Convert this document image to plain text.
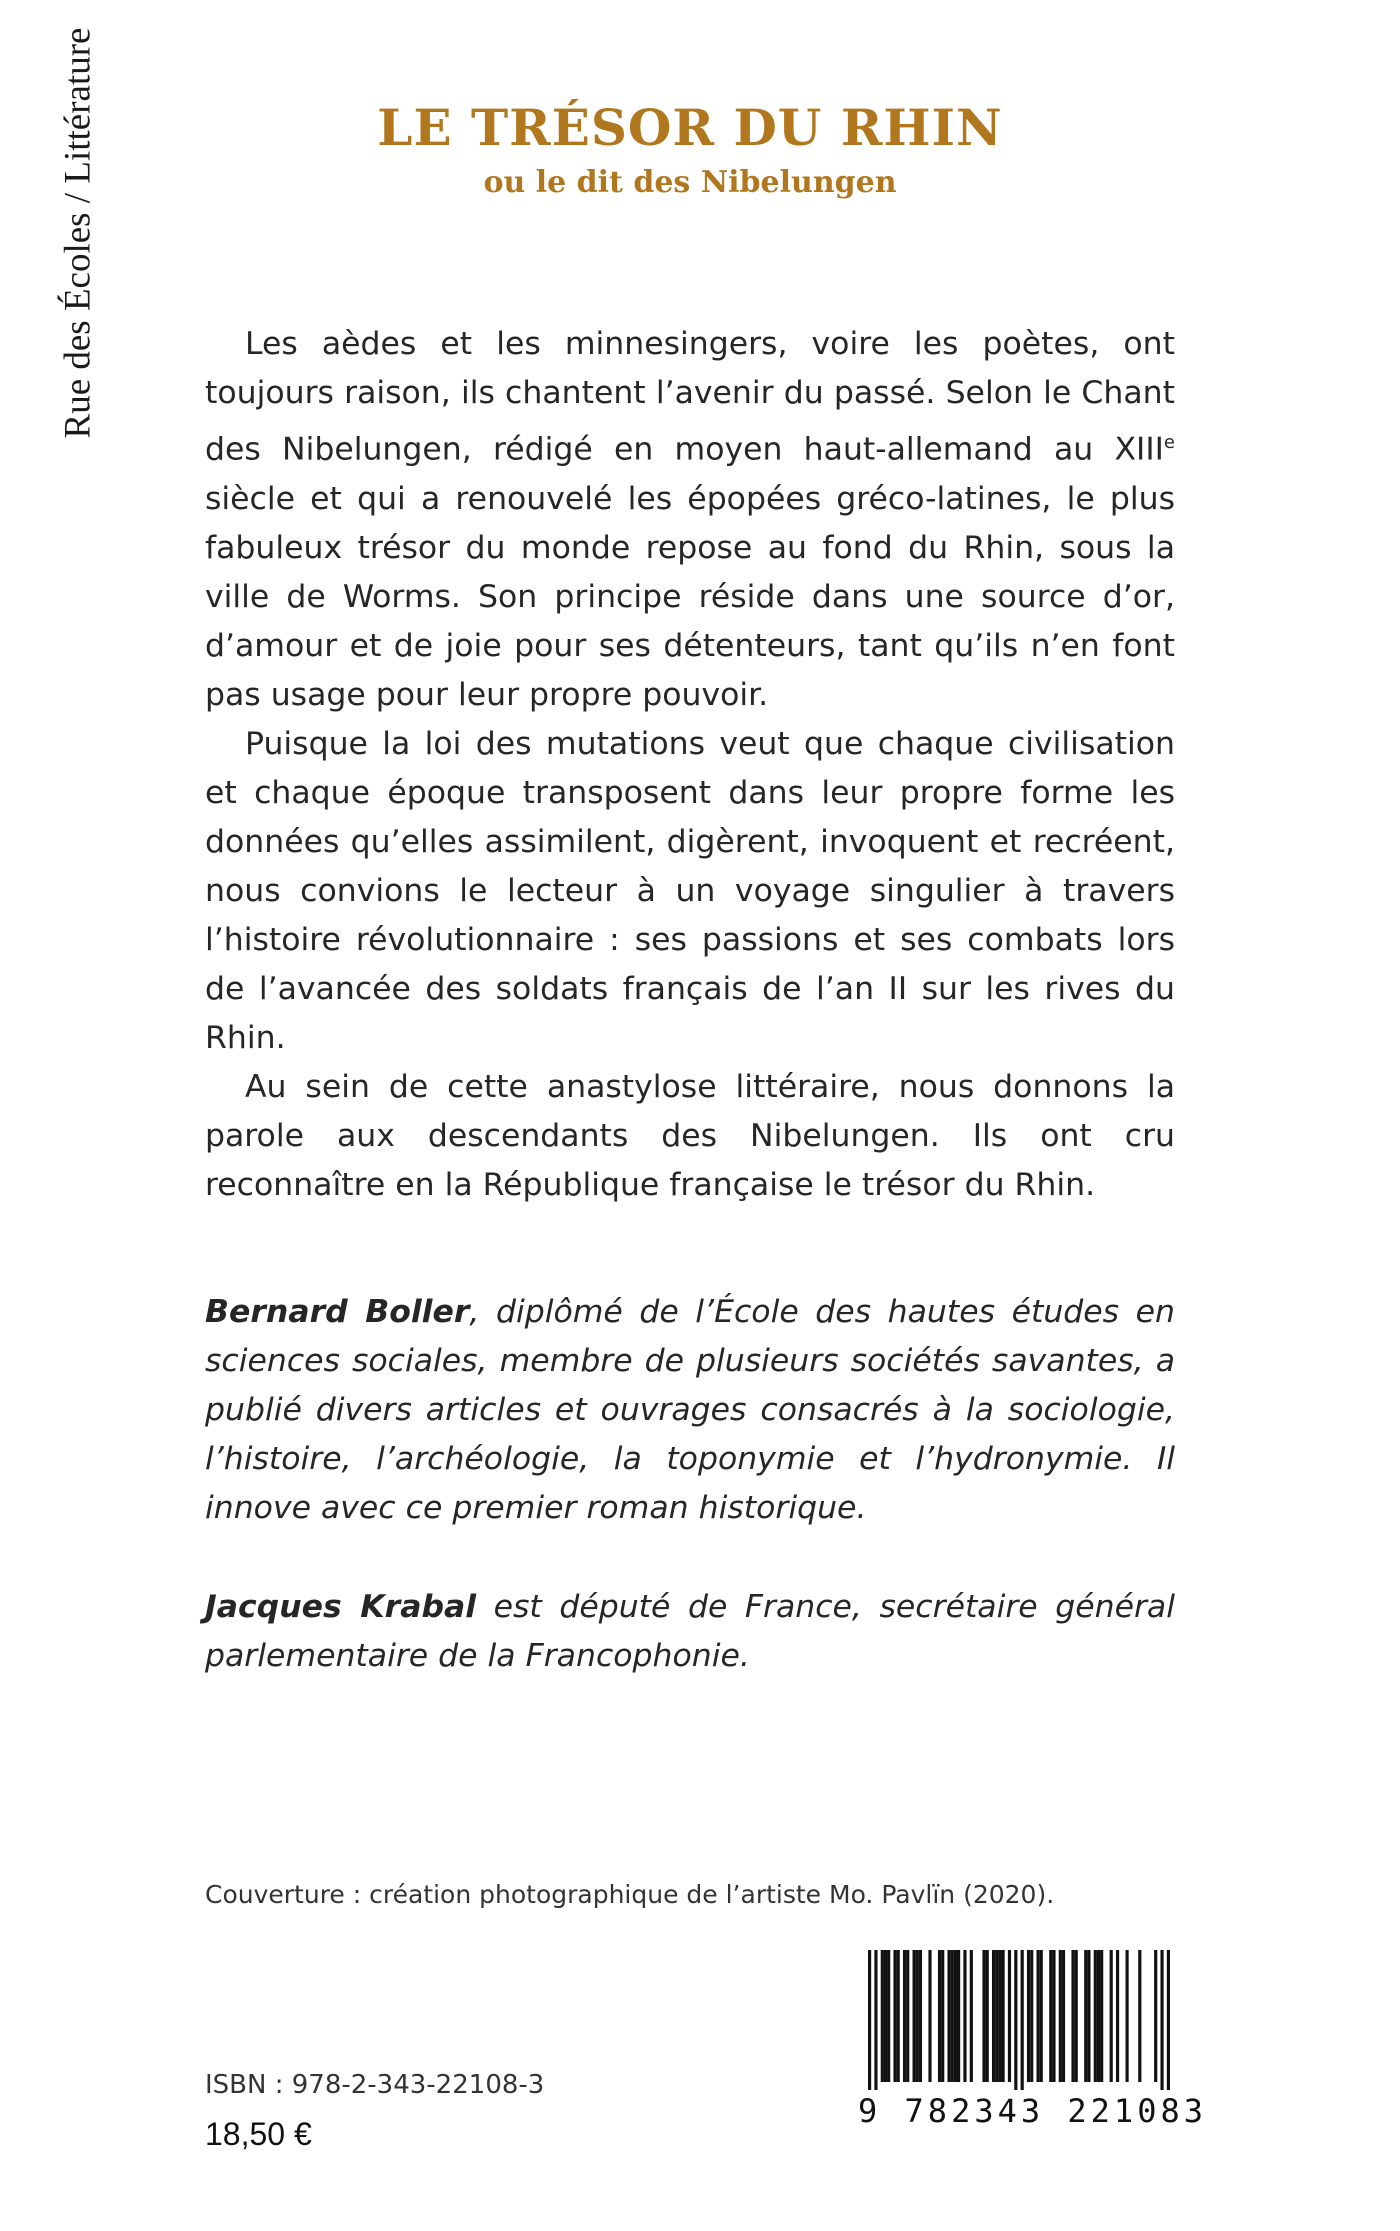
Rue des Écoles / Littérature	LE TRÉSOR DU RHIN
ou le dit des Nibelungen

Les aèdes et les minnesingers, voire les poètes, ont toujours raison, ils chantent l’avenir du passé. Selon le Chant des Nibelungen, rédigé en moyen haut-allemand au XIIIe siècle et qui a renouvelé les épopées gréco-latines, le plus fabuleux trésor du monde repose au fond du Rhin, sous la ville de Worms. Son principe réside dans une source d’or, d’amour et de joie pour ses détenteurs, tant qu’ils n’en font pas usage pour leur propre pouvoir.

Puisque la loi des mutations veut que chaque civilisation et chaque époque transposent dans leur propre forme les données qu’elles assimilent, digèrent, invoquent et recréent, nous convions le lecteur à un voyage singulier à travers l’histoire révolutionnaire : ses passions et ses combats lors de l’avancée des soldats français de l’an II sur les rives du Rhin.

Au sein de cette anastylose littéraire, nous donnons la parole aux descendants des Nibelungen. Ils ont cru reconnaître en la République française le trésor du Rhin.

Bernard Boller, diplômé de l’École des hautes études en sciences sociales, membre de plusieurs sociétés savantes, a publié divers articles et ouvrages consacrés à la sociologie, l’histoire, l’archéologie, la toponymie et l’hydronymie. Il innove avec ce premier roman historique.
Jacques Krabal est député de France, secrétaire général parlementaire de la Francophonie.
Couverture : création photographique de l’artiste Mo. Pavlïn (2020).
ISBN : 978-2-343-22108-3
18,50 €
9 782343 221083
